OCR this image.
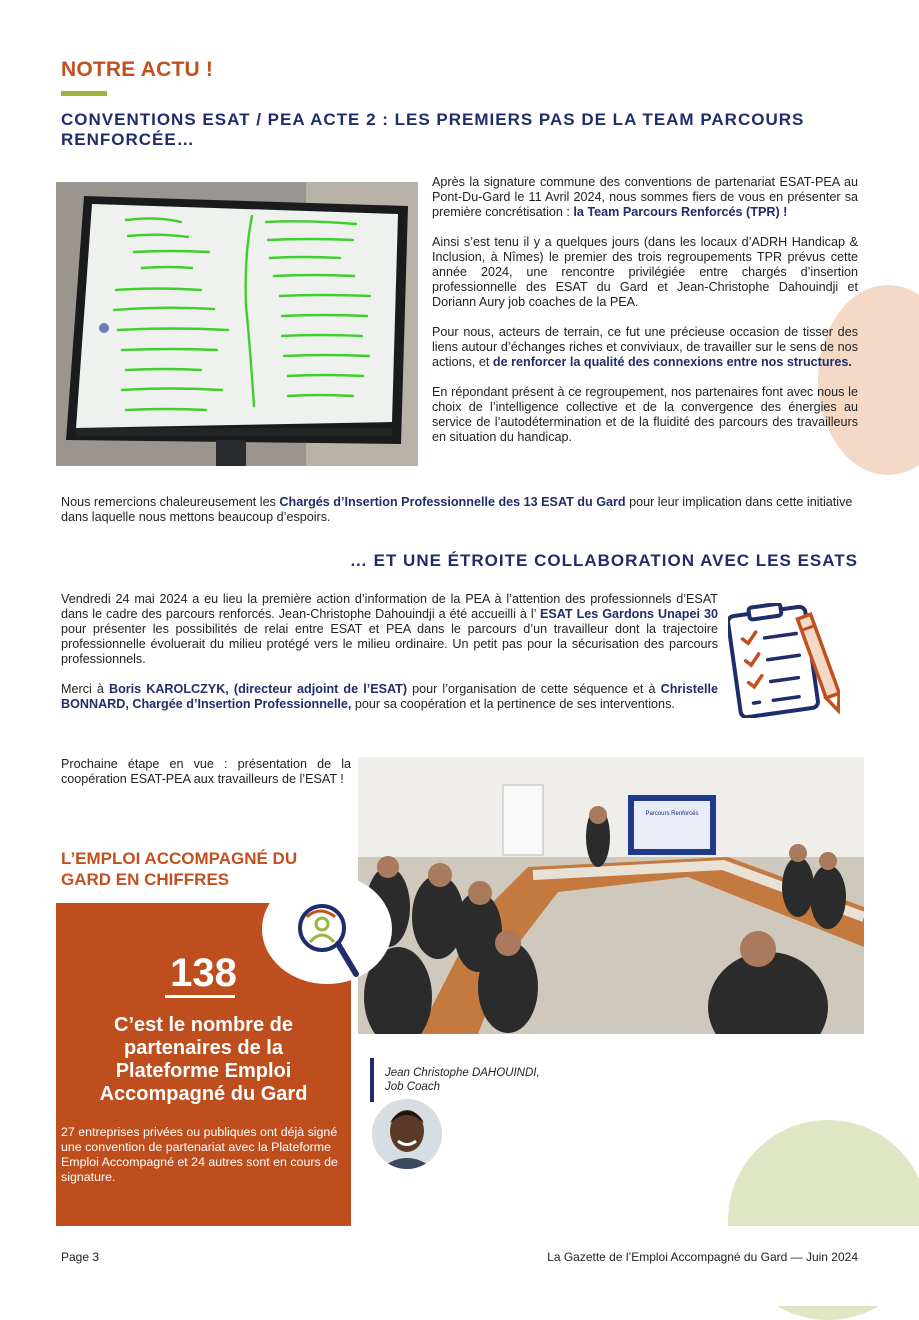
NOTRE ACTU !
CONVENTIONS ESAT / PEA ACTE 2 : LES PREMIERS PAS DE LA TEAM PARCOURS RENFORCÉE…

Après la signature commune des conventions de partenariat ESAT-PEA au Pont-Du-Gard le 11 Avril 2024, nous sommes fiers de vous en présenter sa première concrétisation : la Team Parcours Renforcés (TPR) !

Ainsi s’est tenu il y a quelques jours (dans les locaux d’ADRH Handicap & Inclusion, à Nîmes) le premier des trois regroupements TPR prévus cette année 2024, une rencontre privilégiée entre chargés d’insertion professionnelle des ESAT du Gard et Jean-Christophe Dahouindji et Doriann Aury job coaches de la PEA.

Pour nous, acteurs de terrain, ce fut une précieuse occasion de tisser des liens autour d’échanges riches et conviviaux, de travailler sur le sens de nos actions, et de renforcer la qualité des connexions entre nos structures.

En répondant présent à ce regroupement, nos partenaires font avec nous le choix de l’intelligence collective et de la convergence des énergies au service de l’autodétermination et de la fluidité des parcours des travailleurs en situation du handicap.

Nous remercions chaleureusement les Chargés d’Insertion Professionnelle des 13 ESAT du Gard pour leur implication dans cette initiative dans laquelle nous mettons beaucoup d’espoirs.
… ET UNE ÉTROITE COLLABORATION AVEC LES ESATS

Vendredi 24 mai 2024 a eu lieu la première action d’information de la PEA à l’attention des professionnels d’ESAT dans le cadre des parcours renforcés. Jean-Christophe Dahouindji a été accueilli à l’ ESAT Les Gardons Unapei 30 pour présenter les possibilités de relai entre ESAT et PEA dans le parcours d’un travailleur dont la trajectoire professionnelle évoluerait du milieu protégé vers le milieu ordinaire. Un petit pas pour la sécurisation des parcours professionnels.

Merci à Boris KAROLCZYK, (directeur adjoint de l’ESAT) pour l’organisation de cette séquence et à Christelle BONNARD, Chargée d’Insertion Professionnelle, pour sa coopération et la pertinence de ses interventions.

Prochaine étape en vue : présentation de la coopération ESAT-PEA aux travailleurs de l’ESAT !
Parcours Renforcés
L’EMPLOI ACCOMPAGNÉ DU GARD EN CHIFFRES
138
C’est le nombre de partenaires de la Plateforme Emploi Accompagné du Gard
27 entreprises privées ou publiques ont déjà signé une convention de partenariat avec la Plateforme Emploi Accompagné et 24 autres sont en cours de signature.
Jean Christophe DAHOUINDI,
Job Coach
Page 3	La Gazette de l’Emploi Accompagné du Gard — Juin 2024
